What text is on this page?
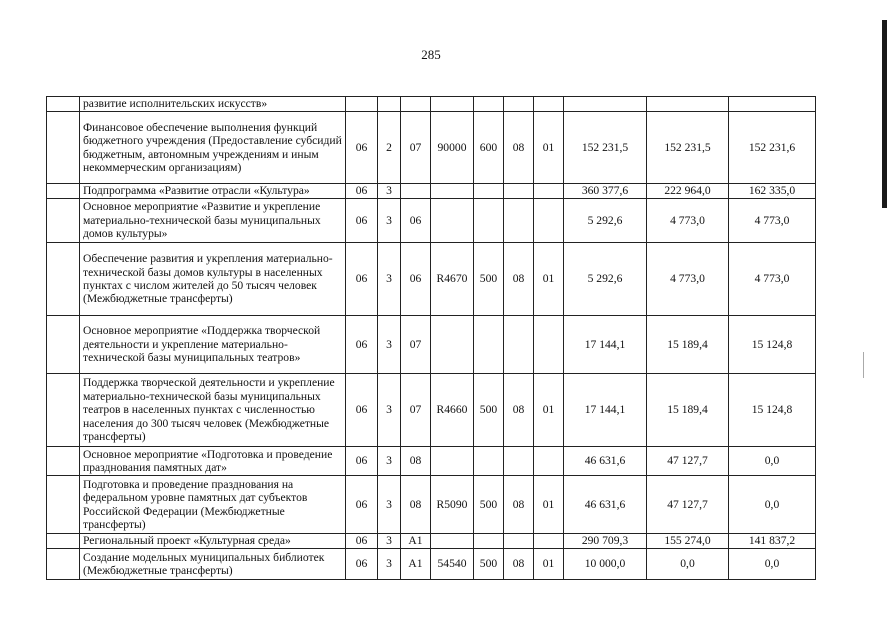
285
	развитие исполнительских искусств»										
	Финансовое обеспечение выполнения функций бюджетного учреждения (Предоставление субсидий бюджетным, автономным учреждениям и иным некоммерческим организациям)	06	2	07	90000	600	08	01	152 231,5	152 231,5	152 231,6
	Подпрограмма «Развитие отрасли «Культура»	06	3						360 377,6	222 964,0	162 335,0
	Основное мероприятие «Развитие и укрепление материально-технической базы муниципальных домов культуры»	06	3	06					5 292,6	4 773,0	4 773,0
	Обеспечение развития и укрепления материально-технической базы домов культуры в населенных пунктах с числом жителей до 50 тысяч человек (Межбюджетные трансферты)	06	3	06	R4670	500	08	01	5 292,6	4 773,0	4 773,0
	Основное мероприятие «Поддержка творческой деятельности и укрепление материально-технической базы муниципальных театров»	06	3	07					17 144,1	15 189,4	15 124,8
	Поддержка творческой деятельности и укрепление материально-технической базы муниципальных театров в населенных пунктах с численностью населения до 300 тысяч человек (Межбюджетные трансферты)	06	3	07	R4660	500	08	01	17 144,1	15 189,4	15 124,8
	Основное мероприятие «Подготовка и проведение празднования памятных дат»	06	3	08					46 631,6	47 127,7	0,0
	Подготовка и проведение празднования на федеральном уровне памятных дат субъектов Российской Федерации (Межбюджетные трансферты)	06	3	08	R5090	500	08	01	46 631,6	47 127,7	0,0
	Региональный проект «Культурная среда»	06	3	A1					290 709,3	155 274,0	141 837,2
	Создание модельных муниципальных библиотек (Межбюджетные трансферты)	06	3	A1	54540	500	08	01	10 000,0	0,0	0,0
